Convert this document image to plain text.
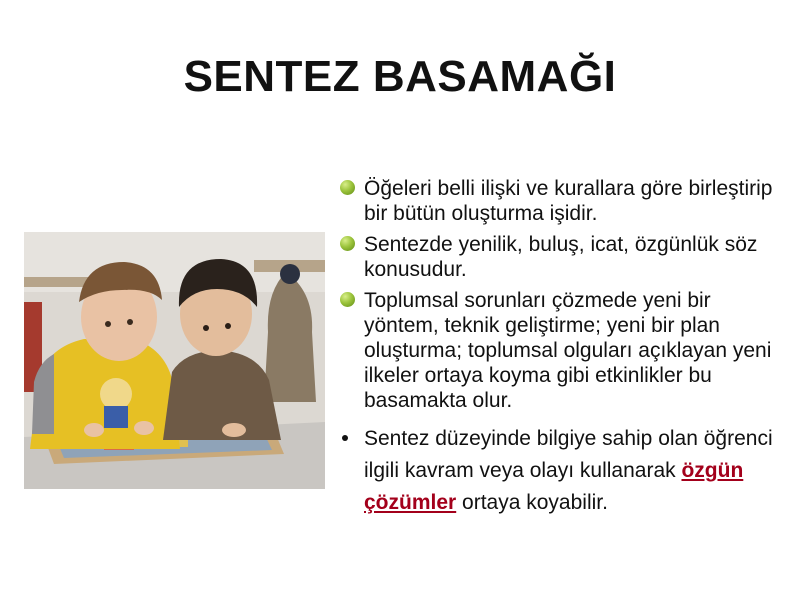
SENTEZ BASAMAĞI
Öğeleri belli ilişki ve kurallara göre birleştirip bir bütün oluşturma işidir.
Sentezde yenilik, buluş, icat, özgünlük söz konusudur.
Toplumsal sorunları çözmede yeni bir yöntem, teknik geliştirme; yeni bir plan oluşturma; toplumsal olguları açıklayan yeni ilkeler ortaya koyma gibi etkinlikler bu basamakta olur.
Sentez düzeyinde bilgiye sahip olan öğrenci ilgili kavram veya olayı kullanarak özgün çözümler ortaya koyabilir.
